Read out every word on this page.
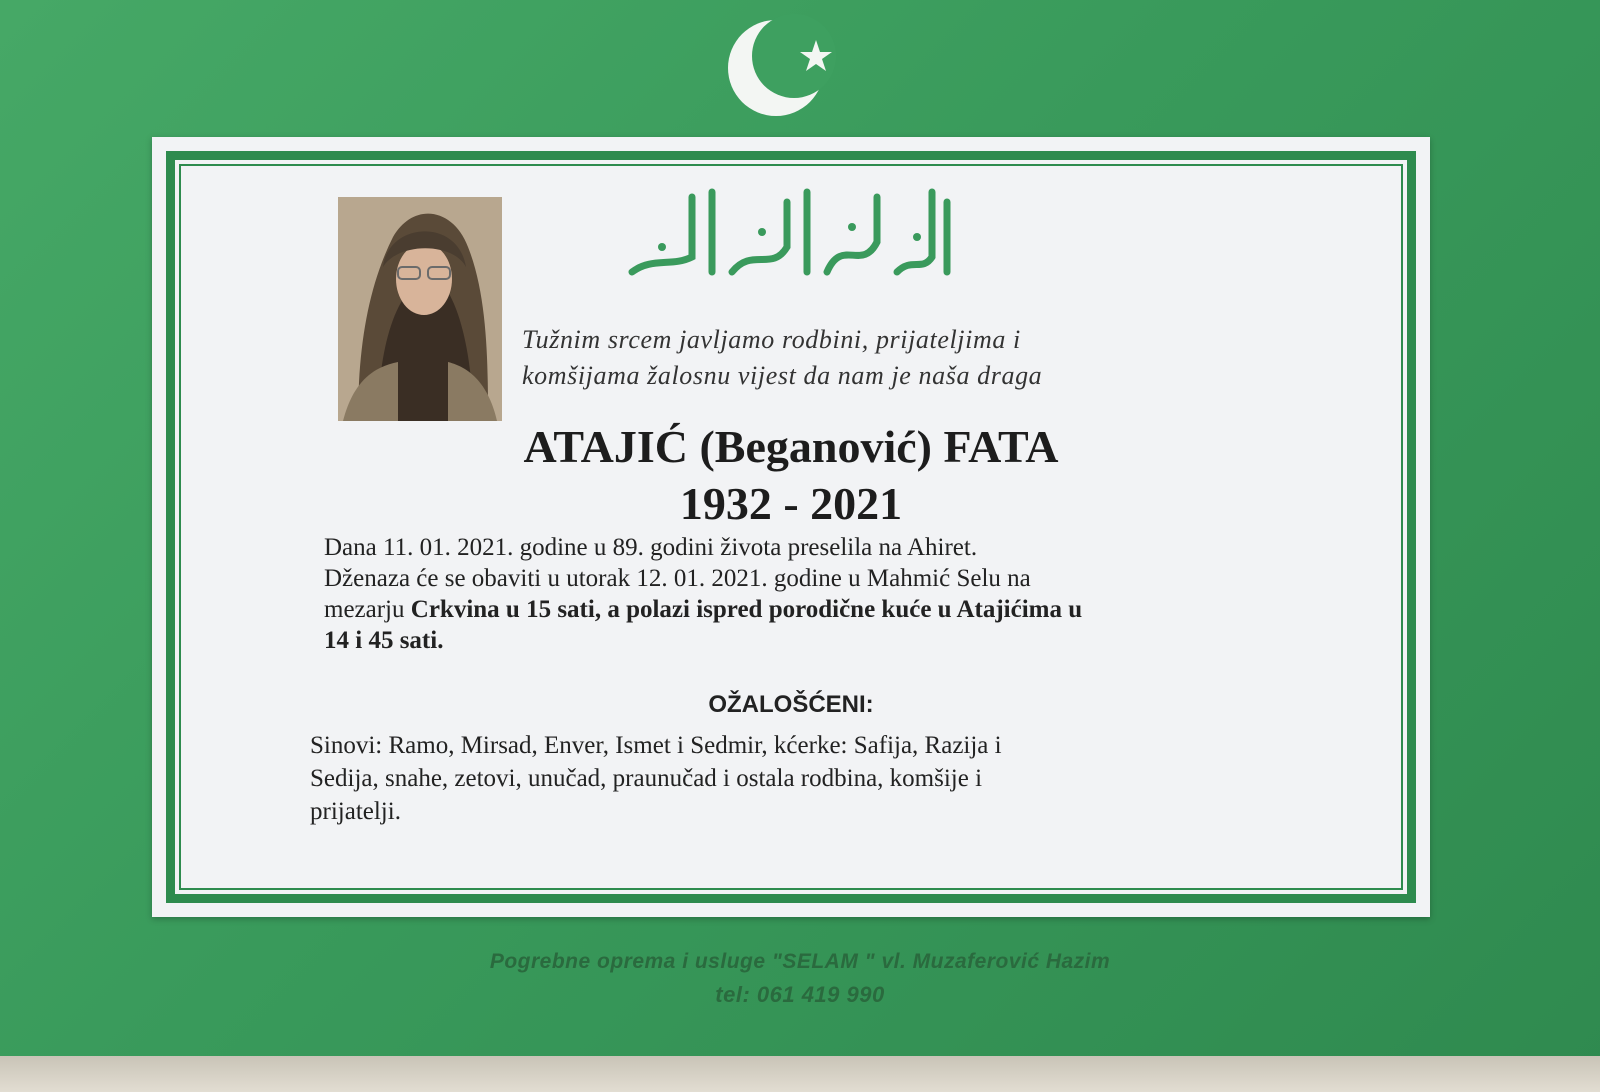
Tužnim srcem javljamo rodbini, prijateljima i
komšijama žalosnu vijest da nam je naša draga
ATAJIĆ (Beganović) FATA
1932 - 2021
Dana 11. 01. 2021. godine u 89. godini života preselila na Ahiret.
Dženaza će se obaviti u utorak 12. 01. 2021. godine u Mahmić Selu na
mezarju Crkvina u 15 sati, a polazi ispred porodične kuće u Atajićima u
14 i 45 sati.
OŽALOŠĆENI:
Sinovi: Ramo, Mirsad, Enver, Ismet i Sedmir, kćerke: Safija, Razija i
Sedija, snahe, zetovi, unučad, praunučad i ostala rodbina, komšije i
prijatelji.
Pogrebne oprema i usluge "SELAM " vl. Muzaferović Hazim
tel: 061 419 990
